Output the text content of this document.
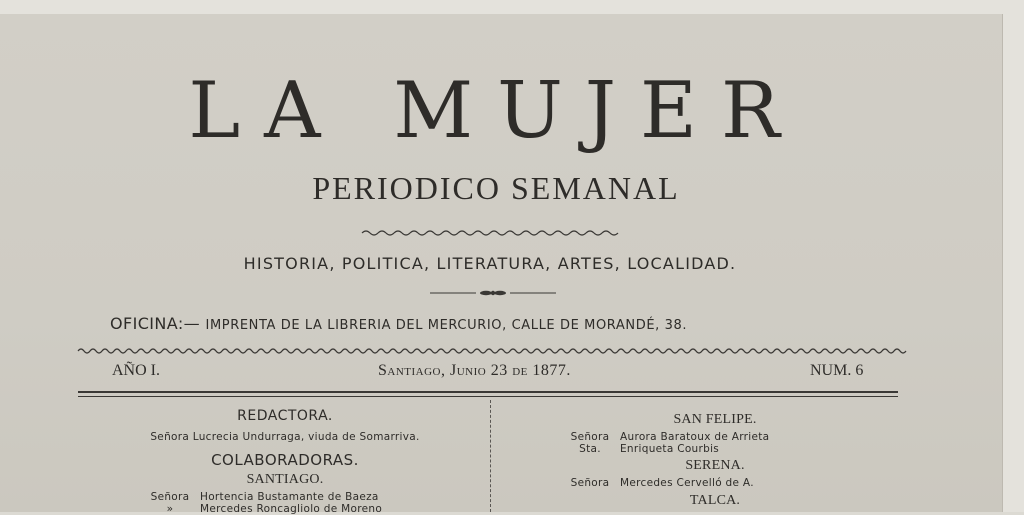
LA MUJER
PERIODICO SEMANAL
HISTORIA, POLITICA, LITERATURA, ARTES, LOCALIDAD.
OFICINA:— IMPRENTA DE LA LIBRERIA DEL MERCURIO, CALLE DE MORANDÉ, 38.
AÑO I.	Santiago, Junio 23 de 1877.	NUM. 6

REDACTORA.

Señora Lucrecia Undurraga, viuda de Somarriva.

COLABORADORAS.

SANTIAGO.

Señora	Hortencia Bustamante de Baeza
»	Mercedes Roncagliolo de Moreno

SAN FELIPE.

Señora	Aurora Baratoux de Arrieta
Sta.	Enriqueta Courbis

SERENA.

Señora	Mercedes Cervelló de A.

TALCA.
